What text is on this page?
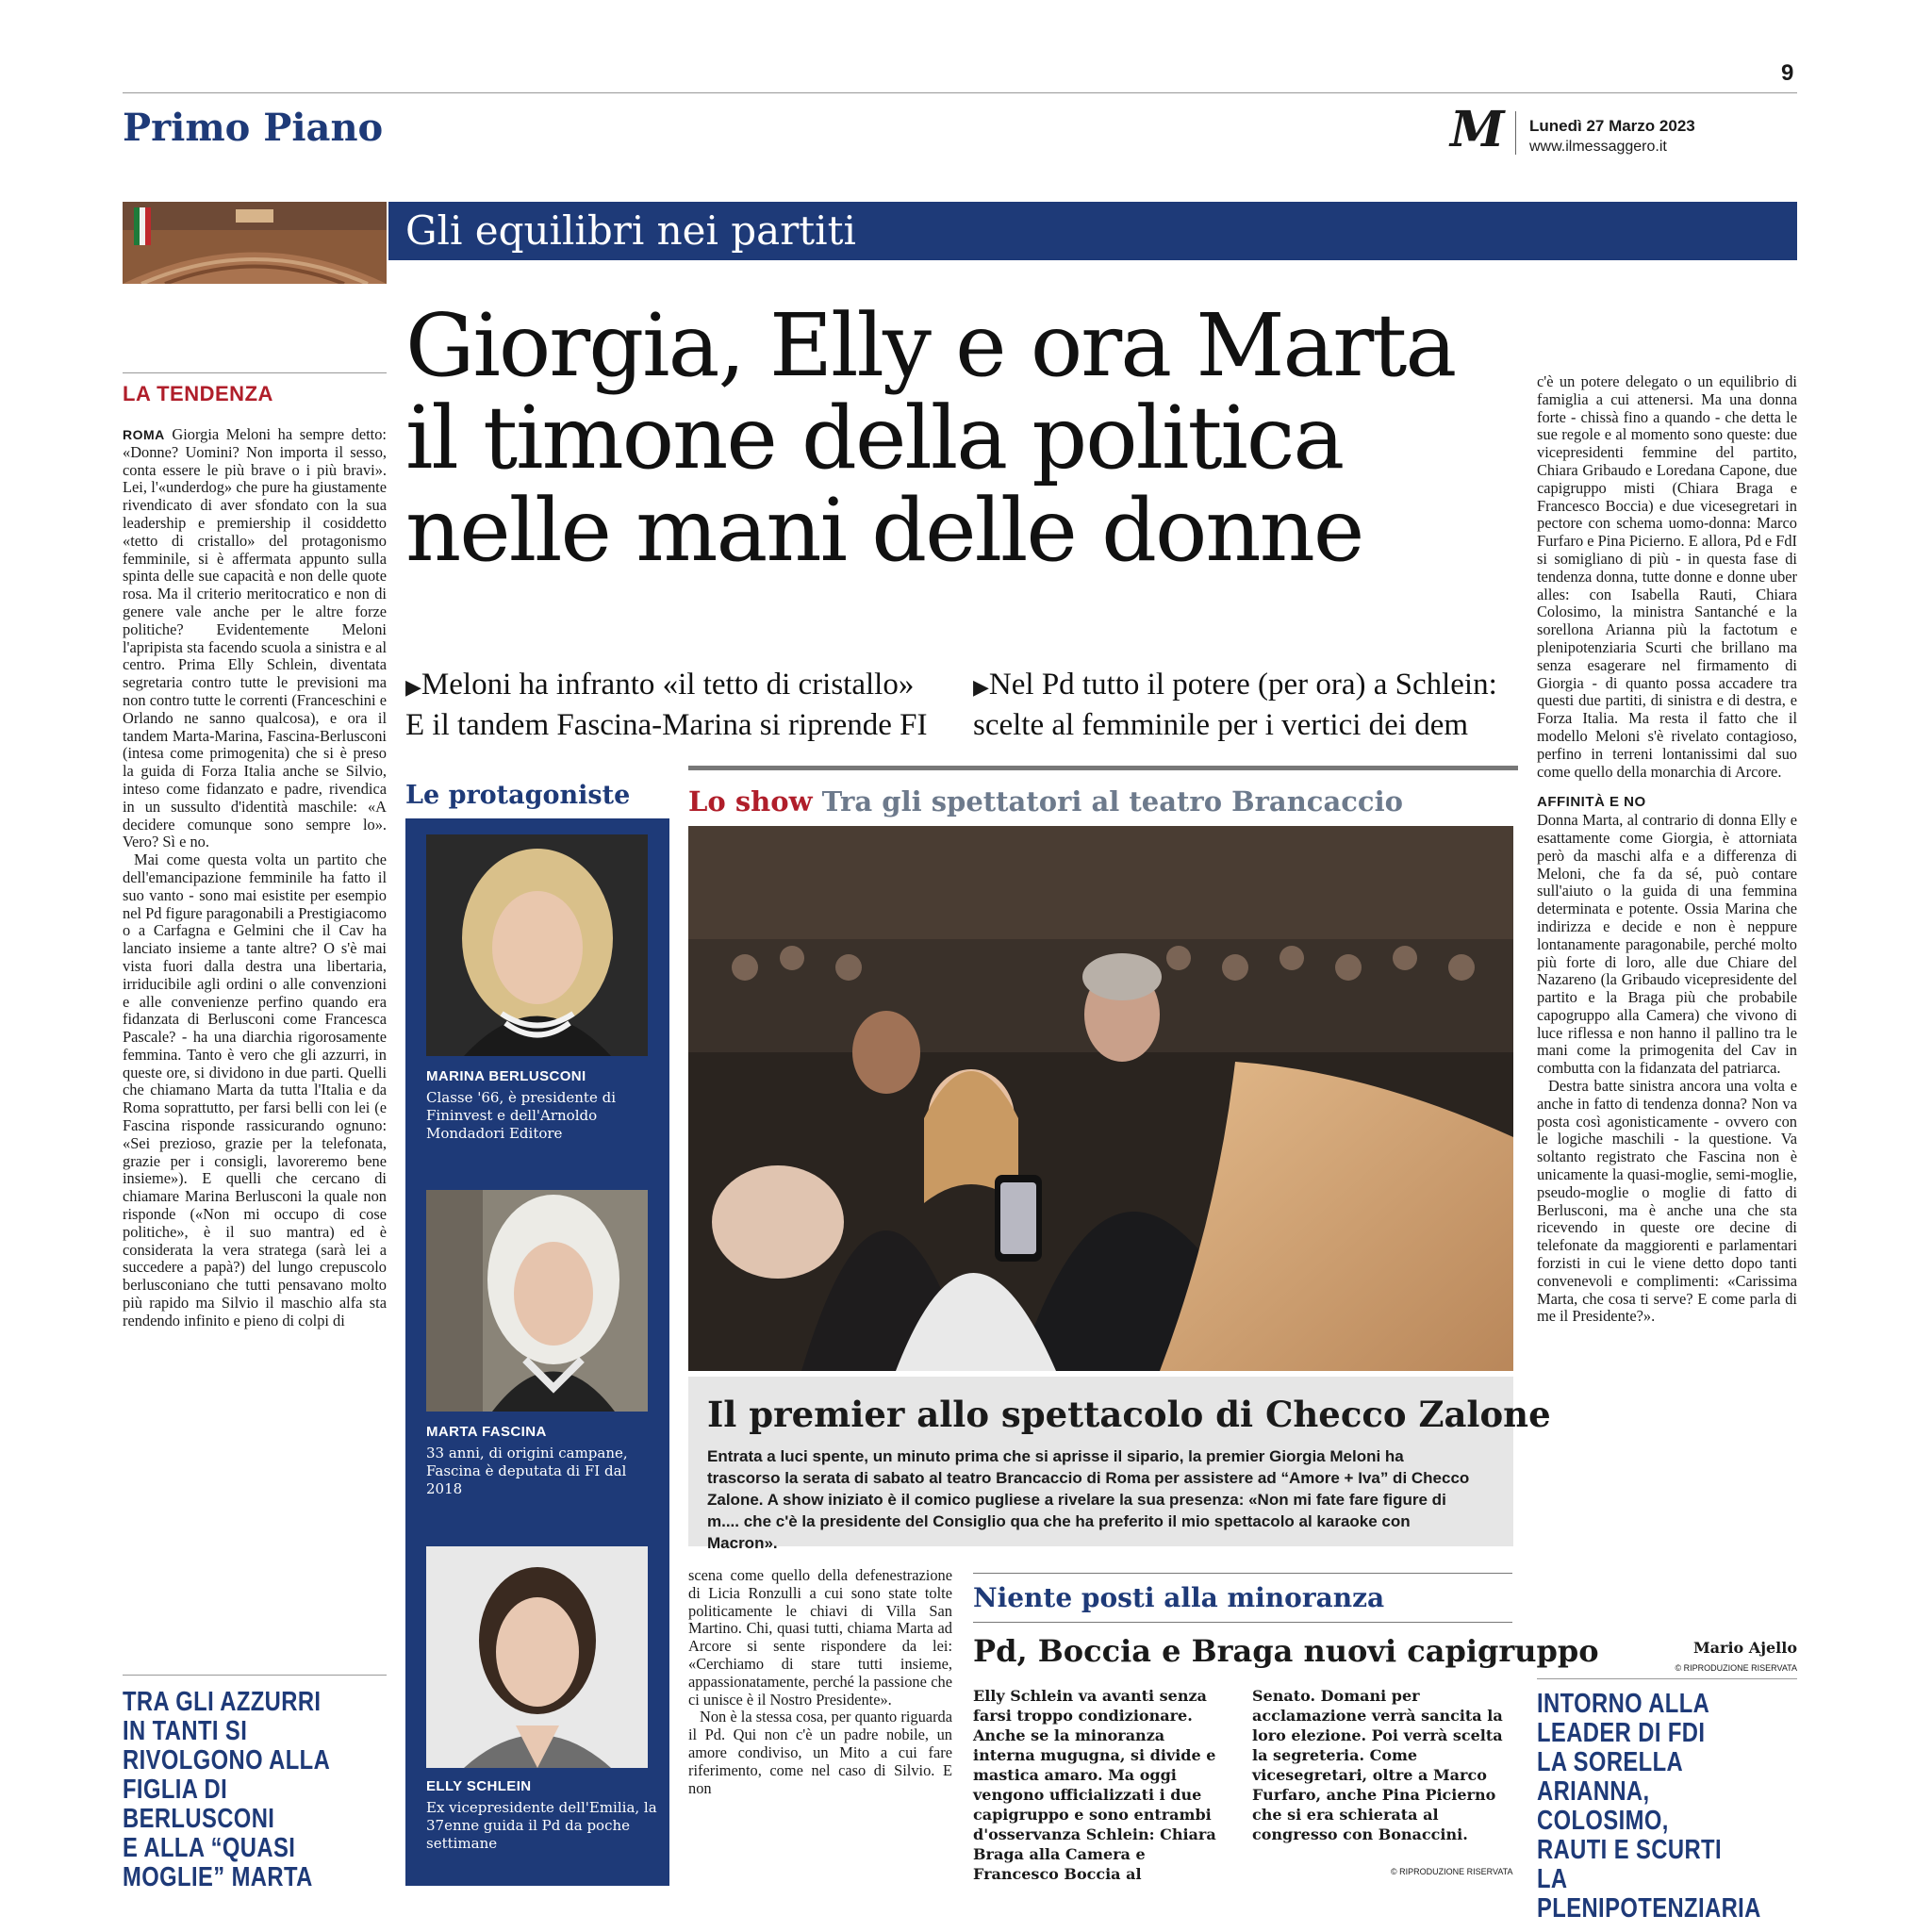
9
Primo Piano	M Lunedì 27 Marzo 2023
www.ilmessaggero.it
Gli equilibri nei partiti
Giorgia, Elly e ora Marta
il timone della politica
nelle mani delle donne
▶Meloni ha infranto «il tetto di cristallo»
E il tandem Fascina-Marina si riprende FI
▶Nel Pd tutto il potere (per ora) a Schlein:
scelte al femminile per i vertici dei dem
LA TENDENZA

ROMA Giorgia Meloni ha sempre detto: «Donne? Uomini? Non importa il sesso, conta essere le più brave o i più bravi». Lei, l'«underdog» che pure ha giustamente rivendicato di aver sfondato con la sua leadership e premiership il cosiddetto «tetto di cristallo» del protagonismo femminile, si è affermata appunto sulla spinta delle sue capacità e non delle quote rosa. Ma il criterio meritocratico e non di genere vale anche per le altre forze politiche? Evidentemente Meloni l'apripista sta facendo scuola a sinistra e al centro. Prima Elly Schlein, diventata segretaria contro tutte le previsioni ma non contro tutte le correnti (Franceschini e Orlando ne sanno qualcosa), e ora il tandem Marta-Marina, Fascina-Berlusconi (intesa come primogenita) che si è preso la guida di Forza Italia anche se Silvio, inteso come fidanzato e padre, rivendica in un sussulto d'identità maschile: «A decidere comunque sono sempre lo». Vero? Sì e no.

Mai come questa volta un partito che dell'emancipazione femminile ha fatto il suo vanto - sono mai esistite per esempio nel Pd figure paragonabili a Prestigiacomo o a Carfagna e Gelmini che il Cav ha lanciato insieme a tante altre? O s'è mai vista fuori dalla destra una libertaria, irriducibile agli ordini o alle convenzioni e alle convenienze perfino quando era fidanzata di Berlusconi come Francesca Pascale? - ha una diarchia rigorosamente femmina. Tanto è vero che gli azzurri, in queste ore, si dividono in due parti. Quelli che chiamano Marta da tutta l'Italia e da Roma soprattutto, per farsi belli con lei (e Fascina risponde rassicurando ognuno: «Sei prezioso, grazie per la telefonata, grazie per i consigli, lavoreremo bene insieme»). E quelli che cercano di chiamare Marina Berlusconi la quale non risponde («Non mi occupo di cose politiche», è il suo mantra) ed è considerata la vera stratega (sarà lei a succedere a papà?) del lungo crepuscolo berlusconiano che tutti pensavano molto più rapido ma Silvio il maschio alfa sta rendendo infinito e pieno di colpi di

TRA GLI AZZURRI
IN TANTI SI
RIVOLGONO ALLA
FIGLIA DI BERLUSCONI
E ALLA “QUASI
MOGLIE” MARTA
Le protagoniste
MARINA BERLUSCONI
Classe '66, è presidente di Fininvest e dell'Arnoldo Mondadori Editore
MARTA FASCINA
33 anni, di origini campane, Fascina è deputata di FI dal 2018
ELLY SCHLEIN
Ex vicepresidente dell'Emilia, la 37enne guida il Pd da poche settimane
Lo show Tra gli spettatori al teatro Brancaccio
Il premier allo spettacolo di Checco Zalone
Entrata a luci spente, un minuto prima che si aprisse il sipario, la premier Giorgia Meloni ha trascorso la serata di sabato al teatro Brancaccio di Roma per assistere ad “Amore + Iva” di Checco Zalone. A show iniziato è il comico pugliese a rivelare la sua presenza: «Non mi fate fare figure di m.... che c'è la presidente del Consiglio qua che ha preferito il mio spettacolo al karaoke con Macron».

scena come quello della defenestrazione di Licia Ronzulli a cui sono state tolte politicamente le chiavi di Villa San Martino. Chi, quasi tutti, chiama Marta ad Arcore si sente rispondere da lei: «Cerchiamo di stare tutti insieme, appassionatamente, perché la passione che ci unisce è il Nostro Presidente».

Non è la stessa cosa, per quanto riguarda il Pd. Qui non c'è un padre nobile, un amore condiviso, un Mito a cui fare riferimento, come nel caso di Silvio. E non

Niente posti alla minoranza
Pd, Boccia e Braga nuovi capigruppo
Elly Schlein va avanti senza farsi troppo condizionare. Anche se la minoranza interna mugugna, si divide e mastica amaro. Ma oggi vengono ufficializzati i due capigruppo e sono entrambi d'osservanza Schlein: Chiara Braga alla Camera e Francesco Boccia al
Senato. Domani per acclamazione verrà sancita la loro elezione. Poi verrà scelta la segreteria. Come vicesegretari, oltre a Marco Furfaro, anche Pina Picierno che si era schierata al congresso con Bonaccini.
© RIPRODUZIONE RISERVATA

c'è un potere delegato o un equilibrio di famiglia a cui attenersi. Ma una donna forte - chissà fino a quando - che detta le sue regole e al momento sono queste: due vicepresidenti femmine del partito, Chiara Gribaudo e Loredana Capone, due capigruppo misti (Chiara Braga e Francesco Boccia) e due vicesegretari in pectore con schema uomo-donna: Marco Furfaro e Pina Picierno. E allora, Pd e FdI si somigliano di più - in questa fase di tendenza donna, tutte donne e donne uber alles: con Isabella Rauti, Chiara Colosimo, la ministra Santanché e la sorellona Arianna più la factotum e plenipotenziaria Scurti che brillano ma senza esagerare nel firmamento di Giorgia - di quanto possa accadere tra questi due partiti, di sinistra e di destra, e Forza Italia. Ma resta il fatto che il modello Meloni s'è rivelato contagioso, perfino in terreni lontanissimi dal suo come quello della monarchia di Arcore.

AFFINITÀ E NO

Donna Marta, al contrario di donna Elly e esattamente come Giorgia, è attorniata però da maschi alfa e a differenza di Meloni, che fa da sé, può contare sull'aiuto o la guida di una femmina determinata e potente. Ossia Marina che indirizza e decide e non è neppure lontanamente paragonabile, perché molto più forte di loro, alle due Chiare del Nazareno (la Gribaudo vicepresidente del partito e la Braga più che probabile capogruppo alla Camera) che vivono di luce riflessa e non hanno il pallino tra le mani come la primogenita del Cav in combutta con la fidanzata del patriarca.

Destra batte sinistra ancora una volta e anche in fatto di tendenza donna? Non va posta così agonisticamente - ovvero con le logiche maschili - la questione. Va soltanto registrato che Fascina non è unicamente la quasi-moglie, semi-moglie, pseudo-moglie o moglie di fatto di Berlusconi, ma è anche una che sta ricevendo in queste ore decine di telefonate da maggiorenti e parlamentari forzisti in cui le viene detto dopo tanti convenevoli e complimenti: «Carissima Marta, che cosa ti serve? E come parla di me il Presidente?».

Mario Ajello
© RIPRODUZIONE RISERVATA
INTORNO ALLA
LEADER DI FDI
LA SORELLA
ARIANNA, COLOSIMO,
RAUTI E SCURTI
LA PLENIPOTENZIARIA
